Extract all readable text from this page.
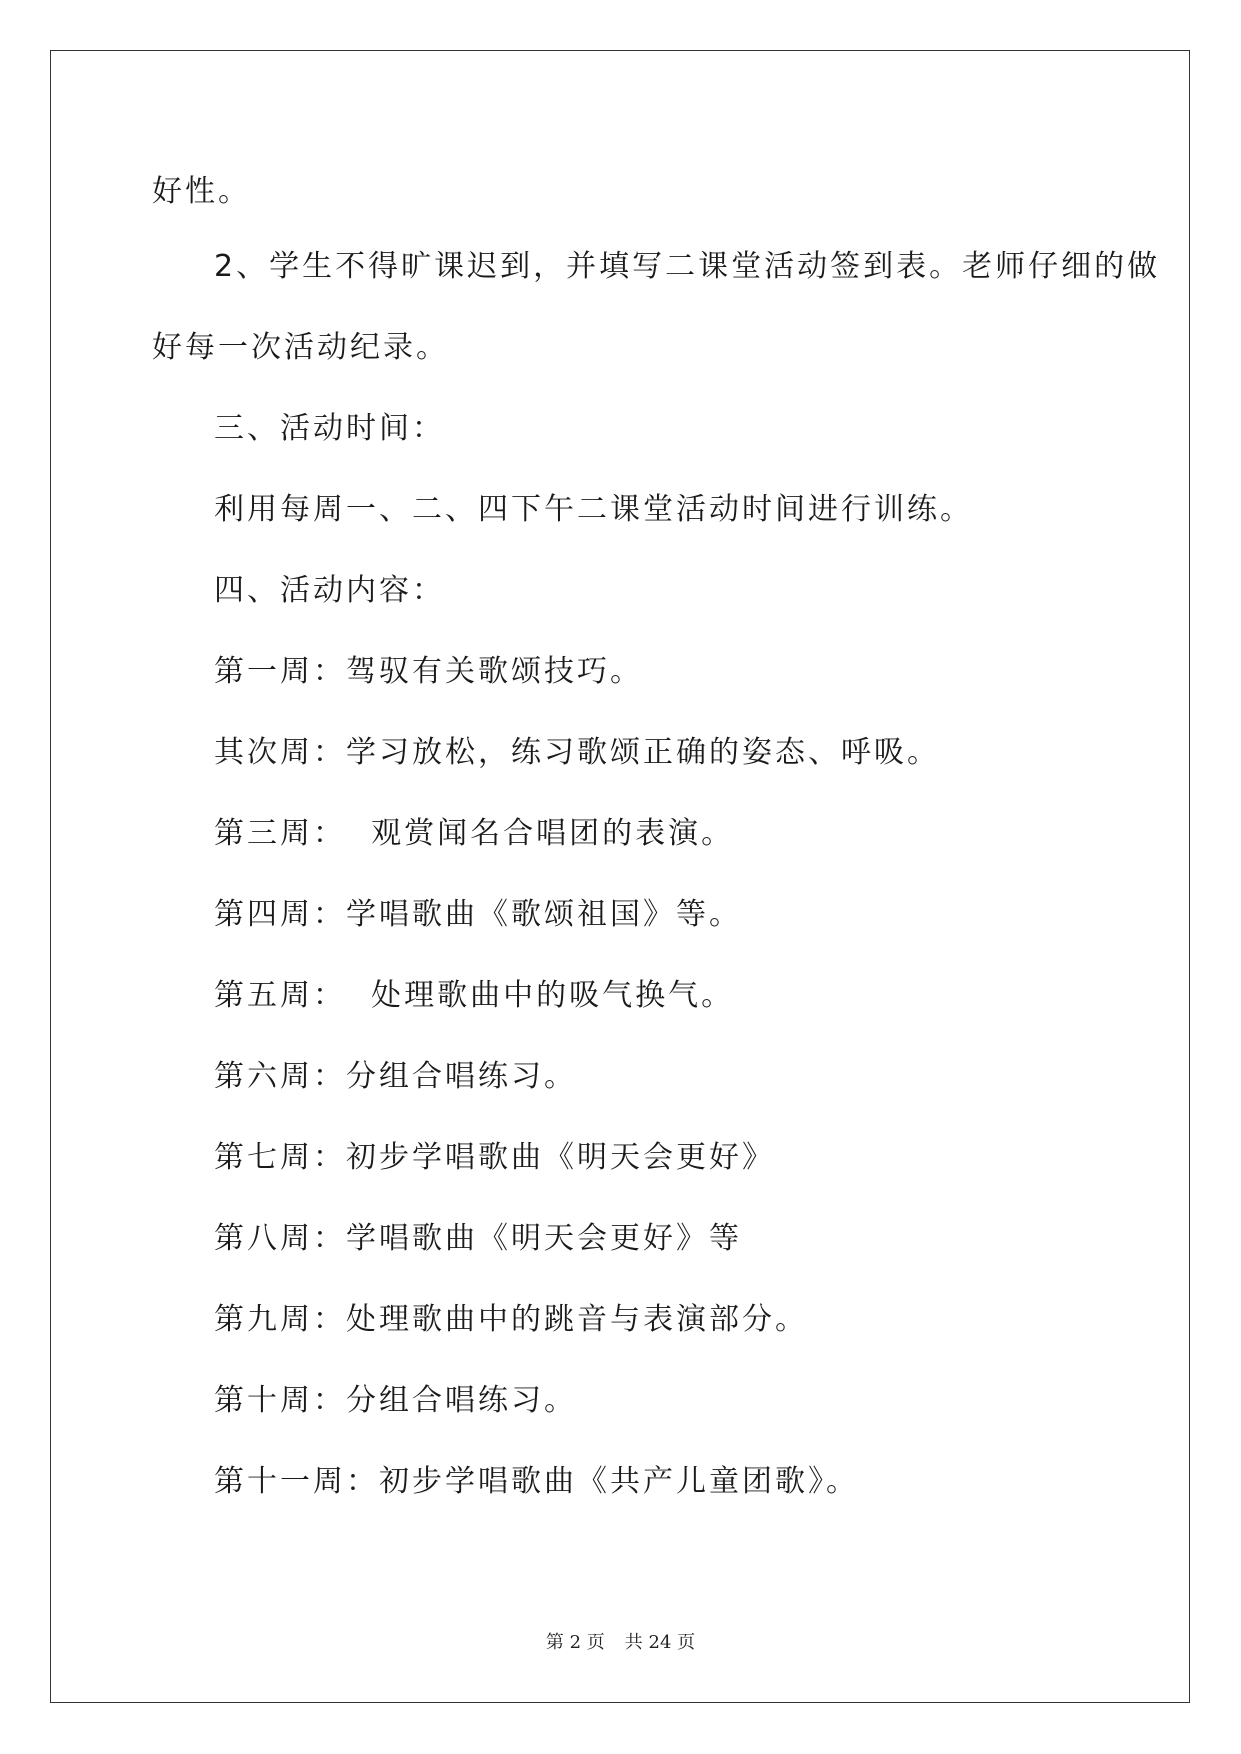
好性。
2、学生不得旷课迟到，并填写二课堂活动签到表。老师仔细的做
好每一次活动纪录。
三、活动时间：
利用每周一、二、四下午二课堂活动时间进行训练。
四、活动内容：
第一周：驾驭有关歌颂技巧。
其次周：学习放松，练习歌颂正确的姿态、呼吸。
第三周：  观赏闻名合唱团的表演。
第四周：学唱歌曲《歌颂祖国》等。
第五周：  处理歌曲中的吸气换气。
第六周：分组合唱练习。
第七周：初步学唱歌曲《明天会更好》
第八周：学唱歌曲《明天会更好》等
第九周：处理歌曲中的跳音与表演部分。
第十周：分组合唱练习。
第十一周：初步学唱歌曲《共产儿童团歌》。
第 2 页 共 24 页
